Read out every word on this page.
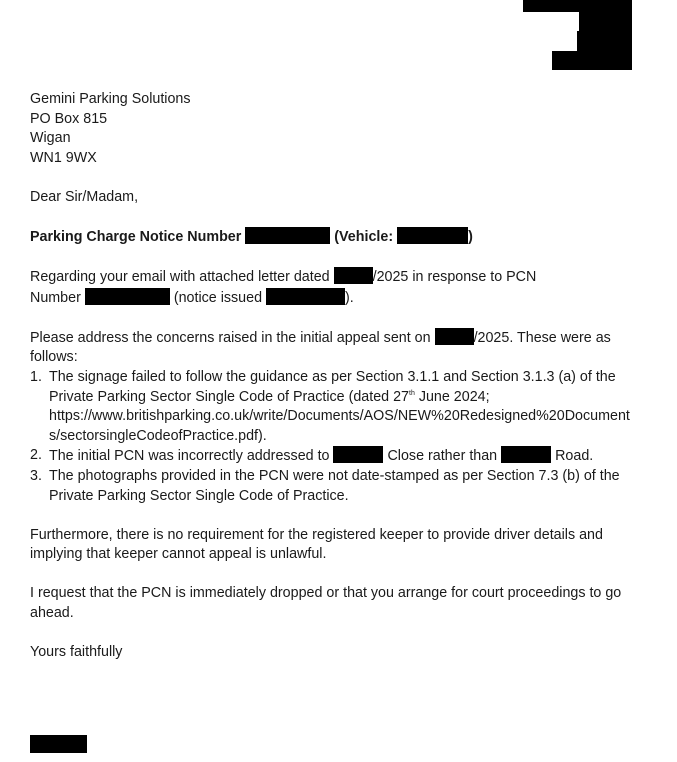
Gemini Parking Solutions
PO Box 815
Wigan
WN1 9WX
Dear Sir/Madam,
Parking Charge Notice Number	(Vehicle:	)
Regarding your email with attached letter dated	/2025 in response to PCN
Number	(notice issued	).
Please address the concerns raised in the initial appeal sent on	/2025. These were as follows:
1. The signage failed to follow the guidance as per Section 3.1.1 and Section 3.1.3 (a) of the Private Parking Sector Single Code of Practice (dated 27th June 2024;
https://www.britishparking.co.uk/write/Documents/AOS/NEW%20Redesigned%20Documents/sectorsingleCodeofPractice.pdf).
2. The initial PCN was incorrectly addressed to	Close rather than	Road.
3. The photographs provided in the PCN were not date-stamped as per Section 7.3 (b) of the Private Parking Sector Single Code of Practice.
Furthermore, there is no requirement for the registered keeper to provide driver details and implying that keeper cannot appeal is unlawful.
I request that the PCN is immediately dropped or that you arrange for court proceedings to go ahead.
Yours faithfully
